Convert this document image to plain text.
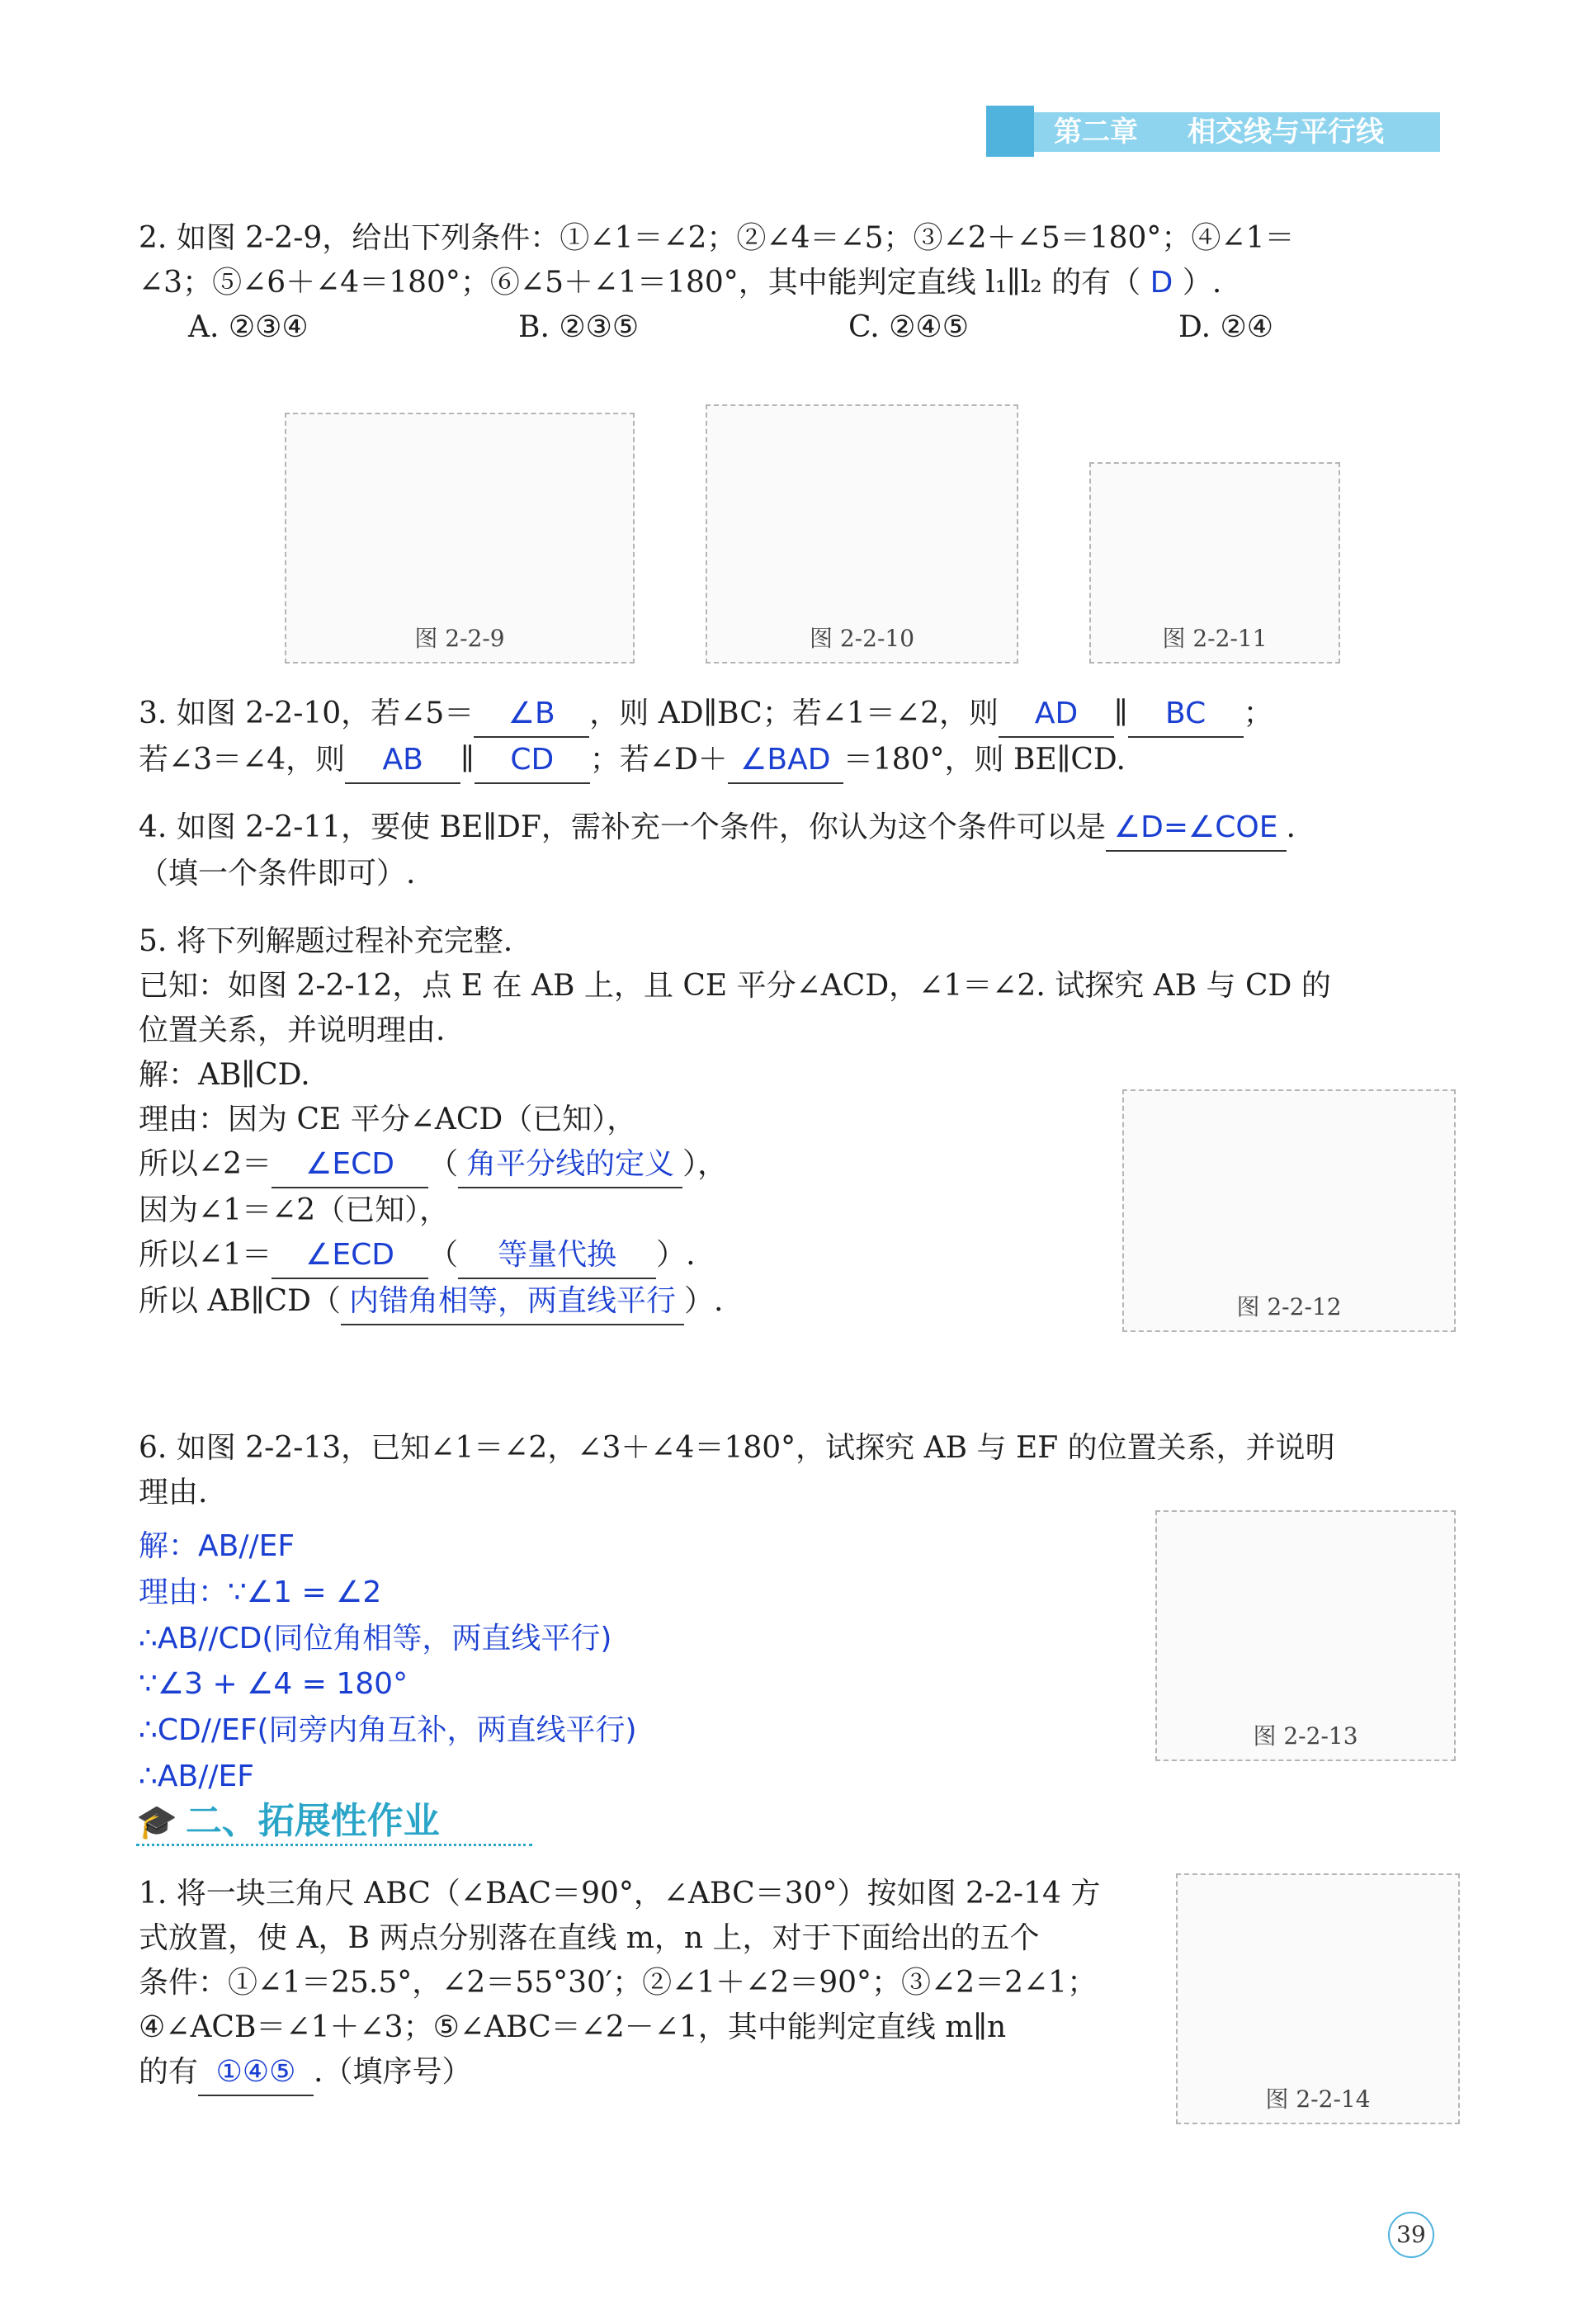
第二章 相交线与平行线
2. 如图 2-2-9，给出下列条件：①∠1＝∠2；②∠4＝∠5；③∠2＋∠5＝180°；④∠1＝
∠3；⑤∠6＋∠4＝180°；⑥∠5＋∠1＝180°，其中能判定直线 l₁∥l₂ 的有（ D ）.
A. ②③④	B. ②③⑤	C. ②④⑤	D. ②④
图 2-2-9	图 2-2-10	图 2-2-11
3. 如图 2-2-10，若∠5＝ ∠B ，则 AD∥BC；若∠1＝∠2，则 AD ∥ BC ；
若∠3＝∠4，则 AB ∥ CD ；若∠D＋ ∠BAD ＝180°，则 BE∥CD.
4. 如图 2-2-11，要使 BE∥DF，需补充一个条件，你认为这个条件可以是 ∠D=∠COE .
（填一个条件即可）.
5. 将下列解题过程补充完整.
已知：如图 2-2-12，点 E 在 AB 上，且 CE 平分∠ACD，∠1＝∠2. 试探究 AB 与 CD 的
位置关系，并说明理由.
解：AB∥CD.
理由：因为 CE 平分∠ACD（已知），
所以∠2＝ ∠ECD （ 角平分线的定义 ），
因为∠1＝∠2（已知），
所以∠1＝ ∠ECD （ 等量代换 ）.
所以 AB∥CD（ 内错角相等，两直线平行 ）.	图 2-2-12
6. 如图 2-2-13，已知∠1＝∠2，∠3＋∠4＝180°，试探究 AB 与 EF 的位置关系，并说明
理由.
解：AB//EF
理由：∵∠1 = ∠2
∴AB//CD(同位角相等，两直线平行)
∵∠3 + ∠4 = 180°
∴CD//EF(同旁内角互补，两直线平行)
∴AB//EF
图 2-2-13
🎓 二、拓展性作业
1. 将一块三角尺 ABC（∠BAC＝90°，∠ABC＝30°）按如图 2-2-14 方
式放置，使 A，B 两点分别落在直线 m，n 上，对于下面给出的五个
条件：①∠1＝25.5°，∠2＝55°30′；②∠1＋∠2＝90°；③∠2＝2∠1；
④∠ACB＝∠1＋∠3；⑤∠ABC＝∠2－∠1，其中能判定直线 m∥n
的有 ①④⑤ .（填序号）
图 2-2-14
39
